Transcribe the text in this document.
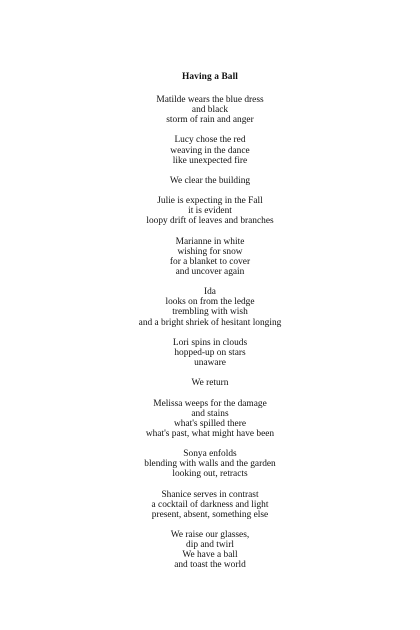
Having a Ball
Matilde wears the blue dress
and black
storm of rain and anger
Lucy chose the red
weaving in the dance
like unexpected fire
We clear the building
Julie is expecting in the Fall
it is evident
loopy drift of leaves and branches
Marianne in white
wishing for snow
for a blanket to cover
and uncover again
Ida
looks on from the ledge
trembling with wish
and a bright shriek of hesitant longing
Lori spins in clouds
hopped-up on stars
unaware
We return
Melissa weeps for the damage
and stains
what's spilled there
what's past, what might have been
Sonya enfolds
blending with walls and the garden
looking out, retracts
Shanice serves in contrast
a cocktail of darkness and light
present, absent, something else
We raise our glasses,
dip and twirl
We have a ball
and toast the world
